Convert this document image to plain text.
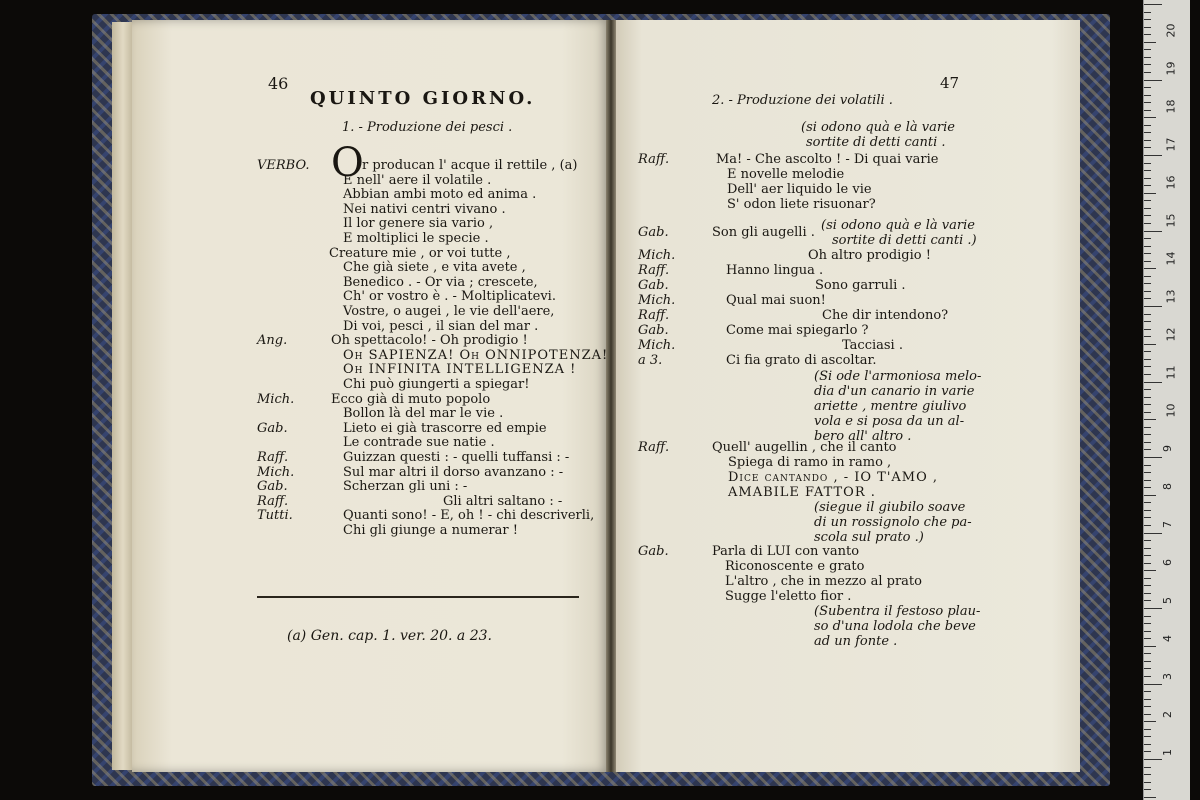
46
QUINTO GIORNO.
1. - Produzione dei pesci .
O
VERBO.	r producan l' acque il rettile , (a)
E nell' aere il volatile .
Abbian ambi moto ed anima .
Nei nativi centri vivano .
Il lor genere sia vario ,
E moltiplici le specie .
Creature mie , or voi tutte ,
Che già siete , e vita avete ,
Benedico . - Or via ; crescete,
Ch' or vostro è . - Moltiplicatevi.
Vostre, o augei , le vie dell'aere,
Di voi, pesci , il sian del mar .
Ang.	Oh spettacolo! - Oh prodigio !
Oh SAPIENZA! Oh ONNIPOTENZA!
Oh INFINITA INTELLIGENZA !
Chi può giungerti a spiegar!
Mich.	Ecco già di muto popolo
Bollon là del mar le vie .
Gab.	Lieto ei già trascorre ed empie
Le contrade sue natie .
Raff.	Guizzan questi : - quelli tuffansi : -
Mich.	Sul mar altri il dorso avanzano : -
Gab.	Scherzan gli uni : -
Raff.	Gli altri saltano : -
Tutti.	Quanti sono! - E, oh ! - chi descriverli,
Chi gli giunge a numerar !
(a) Gen. cap. 1. ver. 20. a 23.
47
2. - Produzione dei volatili .
(si odono quà e là varie
sortite di detti canti .
Raff.	Ma! - Che ascolto ! - Di quai varie
E novelle melodie
Dell' aer liquido le vie
S' odon liete risuonar?
Gab.	Son gli augelli . (si odono quà e là varie
sortite di detti canti .)
Mich.	Oh altro prodigio !
Raff.	Hanno lingua .
Gab.	Sono garruli .
Mich.	Qual mai suon!
Raff.	Che dir intendono?
Gab.	Come mai spiegarlo ?
Mich.	Tacciasi .
a 3.	Ci fia grato di ascoltar.
(Si ode l'armoniosa melo-
dia d'un canario in varie
ariette , mentre giulivo
vola e si posa da un al-
bero all' altro .
Raff.	Quell' augellin , che il canto
Spiega di ramo in ramo ,
Dice cantando , - IO T'AMO ,
AMABILE FATTOR .
(siegue il giubilo soave
di un rossignolo che pa-
scola sul prato .)
Gab.	Parla di LUI con vanto
Riconoscente e grato
L'altro , che in mezzo al prato
Sugge l'eletto fior .
(Subentra il festoso plau-
so d'una lodola che beve
ad un fonte .
20
19
18
17
16
15
14
13
12
11
10
9
8
7
6
5
4
3
2
1
